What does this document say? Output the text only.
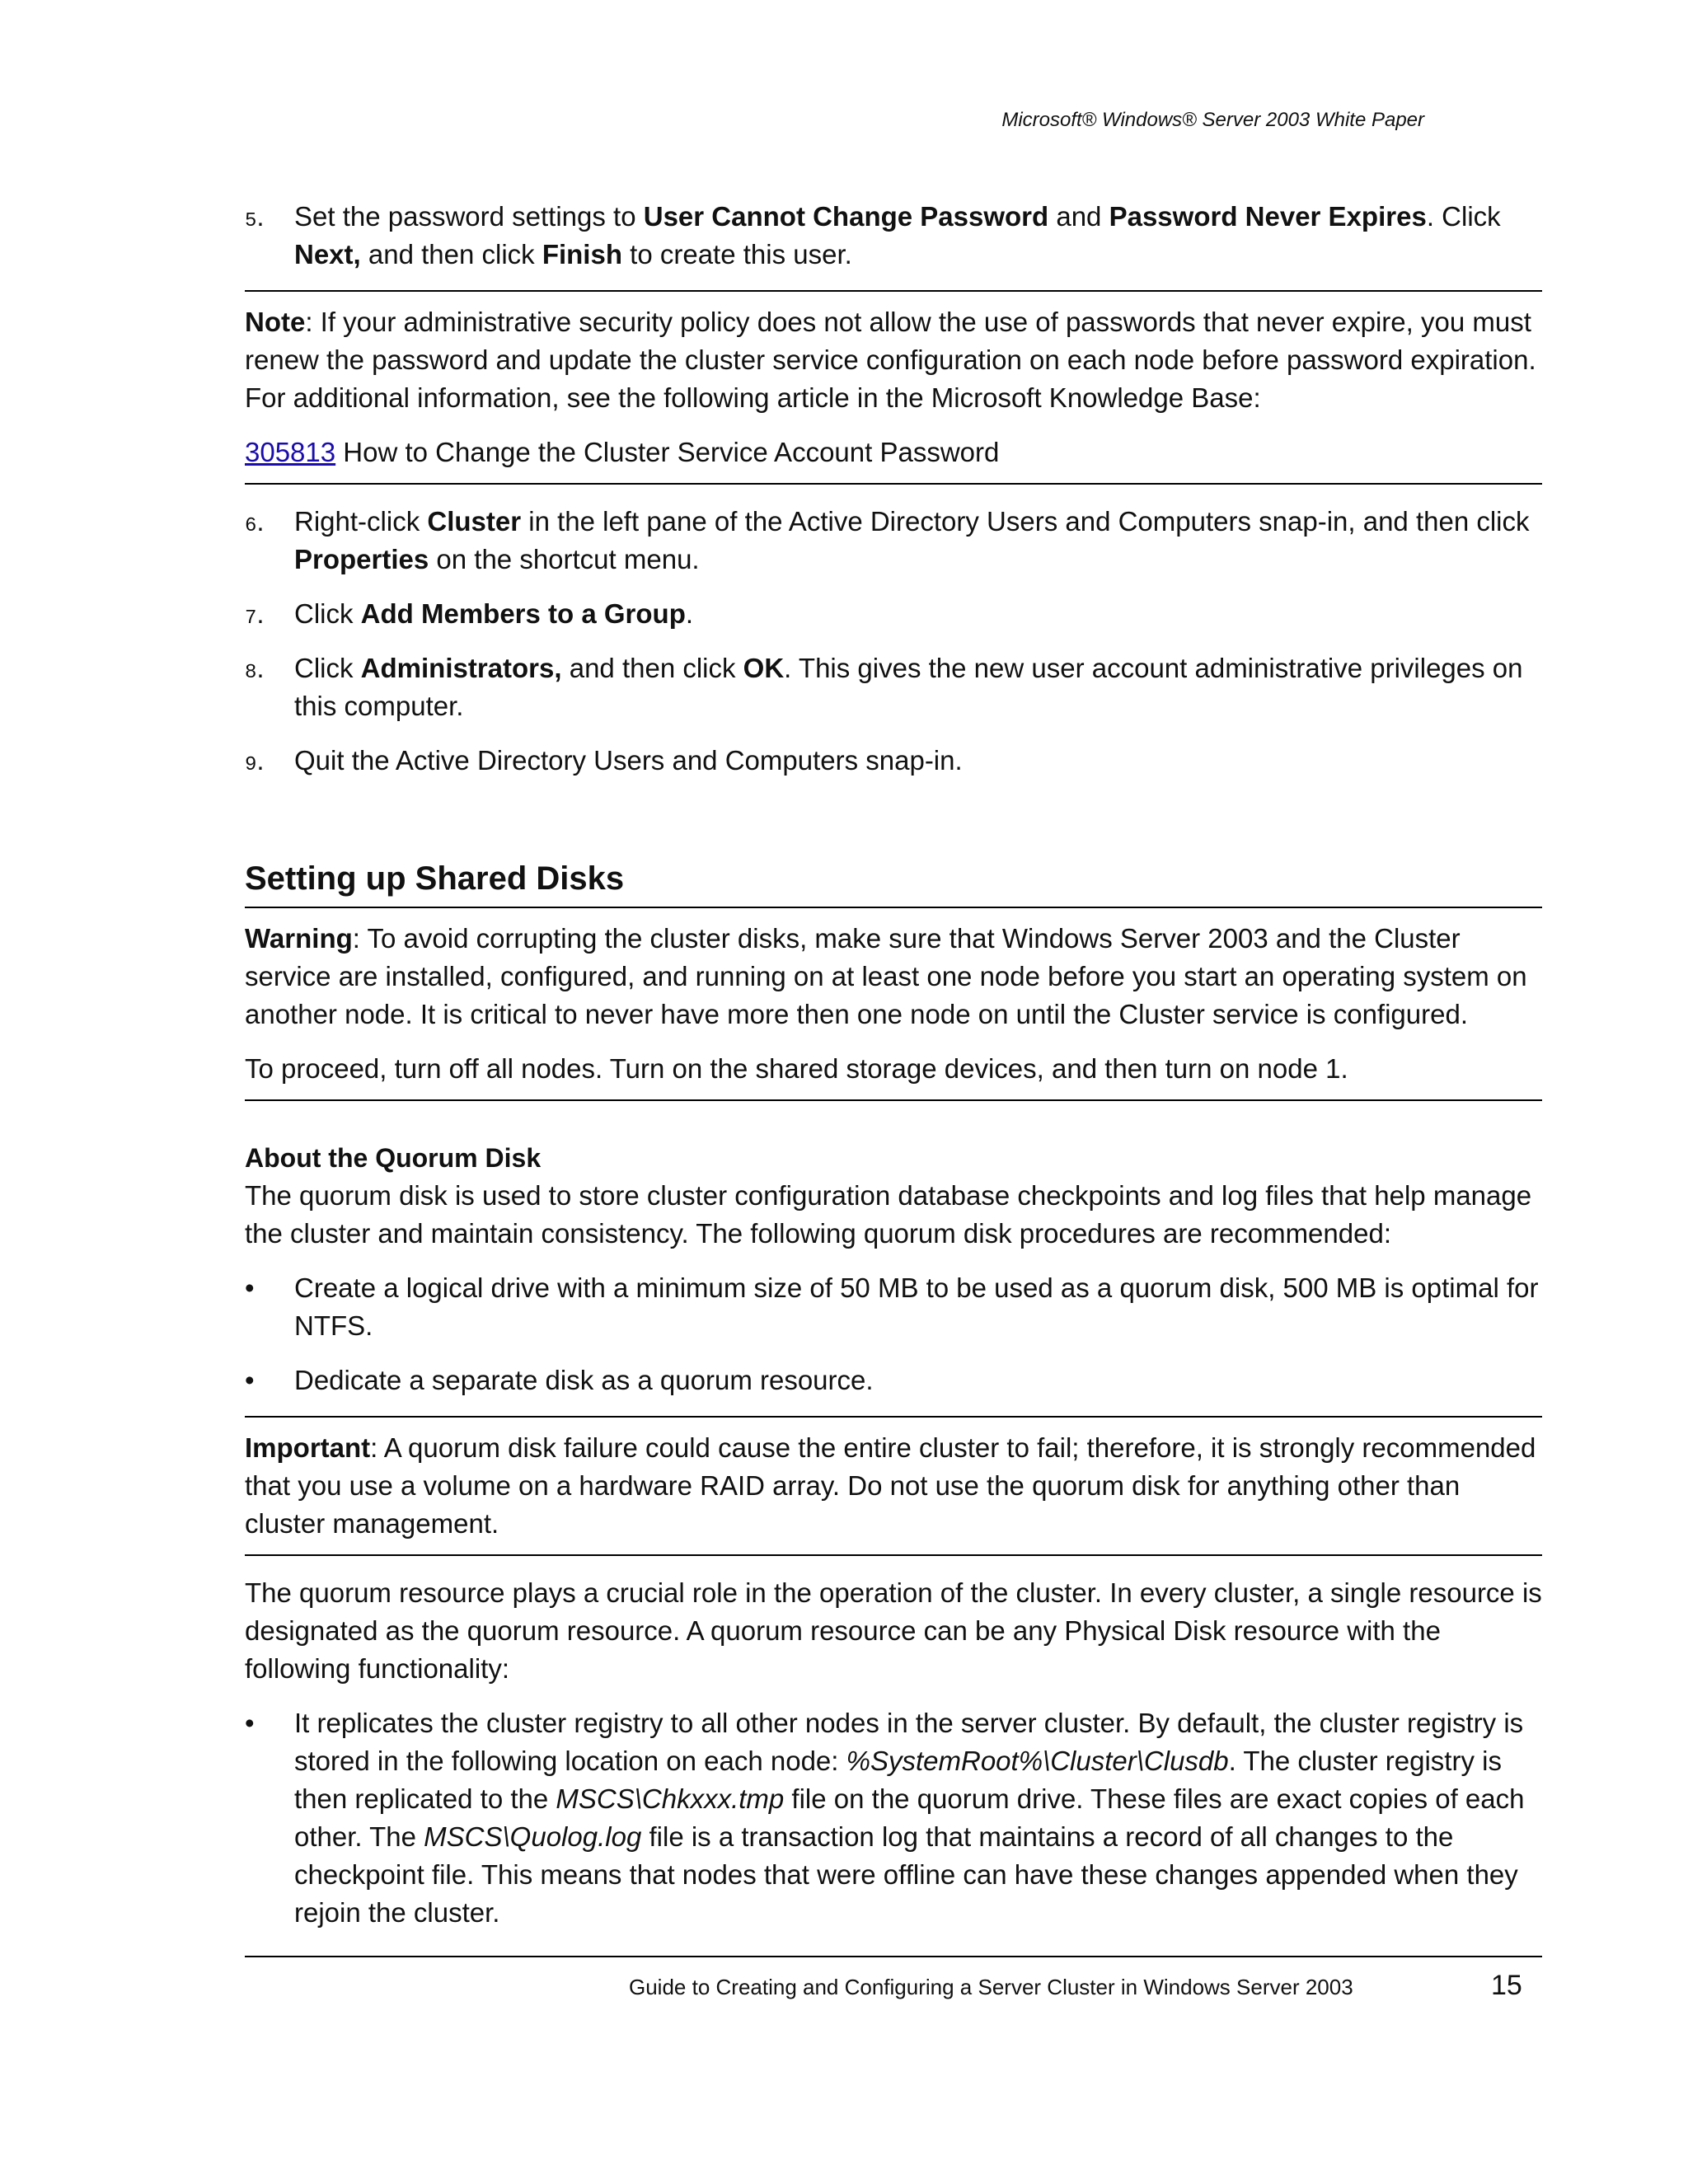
Microsoft® Windows® Server 2003 White Paper
5.	Set the password settings to User Cannot Change Password and Password Never Expires. Click Next, and then click Finish to create this user.

Note: If your administrative security policy does not allow the use of passwords that never expire, you must renew the password and update the cluster service configuration on each node before password expiration. For additional information, see the following article in the Microsoft Knowledge Base:

305813 How to Change the Cluster Service Account Password

6.	Right-click Cluster in the left pane of the Active Directory Users and Computers snap-in, and then click Properties on the shortcut menu.
7.	Click Add Members to a Group.
8.	Click Administrators, and then click OK. This gives the new user account administrative privileges on this computer.
9.	Quit the Active Directory Users and Computers snap-in.
Setting up Shared Disks

Warning: To avoid corrupting the cluster disks, make sure that Windows Server 2003 and the Cluster service are installed, configured, and running on at least one node before you start an operating system on another node. It is critical to never have more then one node on until the Cluster service is configured.

To proceed, turn off all nodes. Turn on the shared storage devices, and then turn on node 1.

About the Quorum Disk

The quorum disk is used to store cluster configuration database checkpoints and log files that help manage the cluster and maintain consistency. The following quorum disk procedures are recommended:

• Create a logical drive with a minimum size of 50 MB to be used as a quorum disk, 500 MB is optimal for NTFS.
• Dedicate a separate disk as a quorum resource.

Important: A quorum disk failure could cause the entire cluster to fail; therefore, it is strongly recommended that you use a volume on a hardware RAID array. Do not use the quorum disk for anything other than cluster management.

The quorum resource plays a crucial role in the operation of the cluster. In every cluster, a single resource is designated as the quorum resource. A quorum resource can be any Physical Disk resource with the following functionality:

• It replicates the cluster registry to all other nodes in the server cluster. By default, the cluster registry is stored in the following location on each node: %SystemRoot%\Cluster\Clusdb. The cluster registry is then replicated to the MSCS\Chkxxx.tmp file on the quorum drive. These files are exact copies of each other. The MSCS\Quolog.log file is a transaction log that maintains a record of all changes to the checkpoint file. This means that nodes that were offline can have these changes appended when they rejoin the cluster.
Guide to Creating and Configuring a Server Cluster in Windows Server 2003	15
